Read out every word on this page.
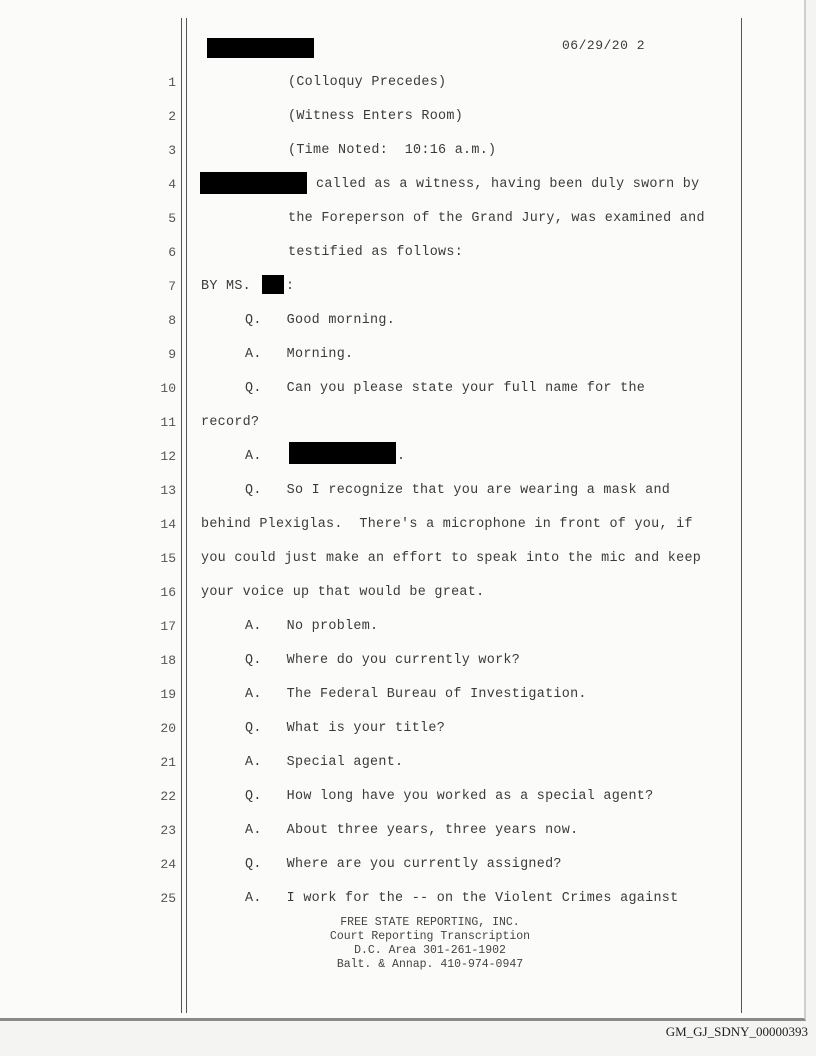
06/29/20 2
1
2
3
4
5
6
7
8
9
10
11
12
13
14
15
16
17
18
19
20
21
22
23
24
25
(Colloquy Precedes)
(Witness Enters Room)
(Time Noted:  10:16 a.m.)
called as a witness, having been duly sworn by
the Foreperson of the Grand Jury, was examined and
testified as follows:
BY MS.	:
Q.   Good morning.
A.   Morning.
Q.   Can you please state your full name for the
record?
A.	.
Q.   So I recognize that you are wearing a mask and
behind Plexiglas.  There's a microphone in front of you, if
you could just make an effort to speak into the mic and keep
your voice up that would be great.
A.   No problem.
Q.   Where do you currently work?
A.   The Federal Bureau of Investigation.
Q.   What is your title?
A.   Special agent.
Q.   How long have you worked as a special agent?
A.   About three years, three years now.
Q.   Where are you currently assigned?
A.   I work for the -- on the Violent Crimes against
FREE STATE REPORTING, INC.
Court Reporting Transcription
D.C. Area 301-261-1902
Balt. & Annap. 410-974-0947
GM_GJ_SDNY_00000393
